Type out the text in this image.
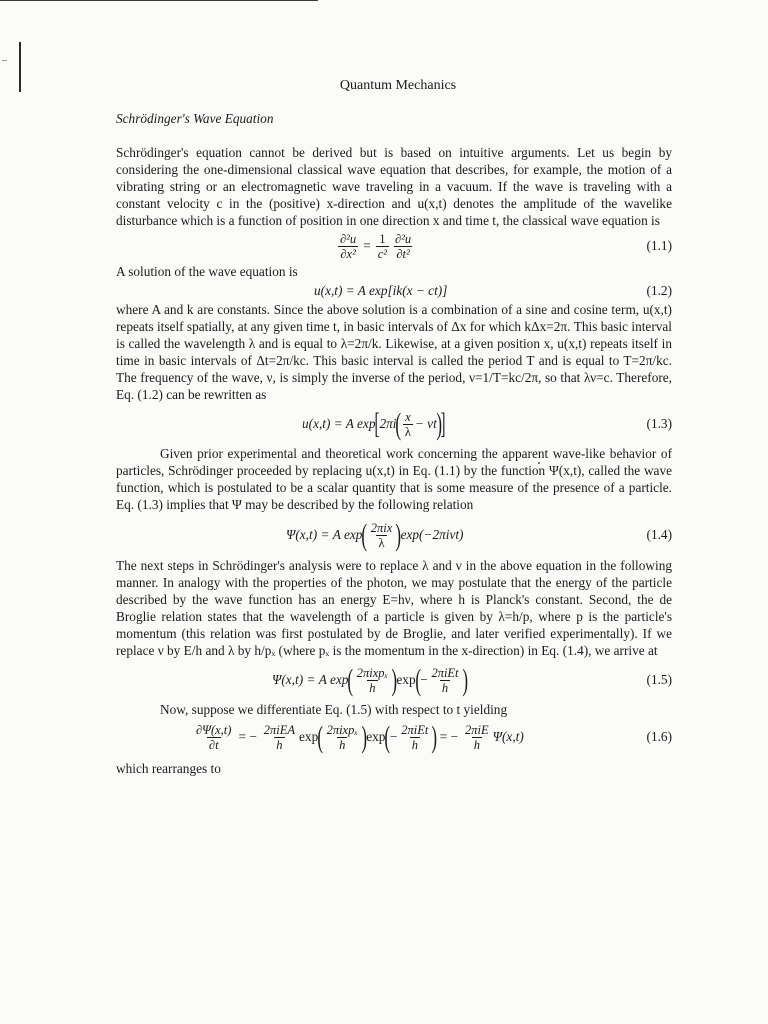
Quantum Mechanics
Schrödinger's Wave Equation

Schrödinger's equation cannot be derived but is based on intuitive arguments. Let us begin by considering the one-dimensional classical wave equation that describes, for example, the motion of a vibrating string or an electromagnetic wave traveling in a vacuum. If the wave is traveling with a constant velocity c in the (positive) x-direction and u(x,t) denotes the amplitude of the wavelike disturbance which is a function of position in one direction x and time t, the classical wave equation is

$\frac{\text{∂²u}}{\text{∂x²}} = \frac{1}{\text{c²}} \frac{\text{∂²u}}{\text{∂t²}}$	(1.1)

A solution of the wave equation is

u(x,t) = A exp[ik(x − ct)]	(1.2)

where A and k are constants. Since the above solution is a combination of a sine and cosine term, u(x,t) repeats itself spatially, at any given time t, in basic intervals of Δx for which kΔx=2π. This basic interval is called the wavelength λ and is equal to λ=2π/k. Likewise, at a given position x, u(x,t) repeats itself in time in basic intervals of Δt=2π/kc. This basic interval is called the period T and is equal to T=2π/kc. The frequency of the wave, ν, is simply the inverse of the period, ν=1/T=kc/2π, so that λν=c. Therefore, Eq. (1.2) can be rewritten as

u(x,t) = A exp [ 2πi ( $\frac{x}{\lambda} - \nu t$ )
]	(1.3)

Given prior experimental and theoretical work concerning the apparent wave-like behavior of particles, Schrödinger proceeded by replacing u(x,t) in Eq. (1.1) by the function Ψ(x,t), called the wave function, which is postulated to be a scalar quantity that is some measure of the presence of a particle. Eq. (1.3) implies that Ψ may be described by the following relation

Ψ(x,t) = A exp ( $\frac{\text{2πix}}{\lambda}$ ) exp(−2πiνt)	(1.4)

The next steps in Schrödinger's analysis were to replace λ and ν in the above equation in the following manner. In analogy with the properties of the photon, we may postulate that the energy of the particle described by the wave function has an energy E=hν, where h is Planck's constant. Second, the de Broglie relation states that the wavelength of a particle is given by λ=h/p, where p is the particle's momentum (this relation was first postulated by de Broglie, and later verified experimentally). If we replace ν by E/h and λ by h/pₓ (where pₓ is the momentum in the x-direction) in Eq. (1.4), we arrive at

Ψ(x,t) = A exp ( $\frac{\text{2πixpₓ}}{h}$ ) exp ( − $\frac{\text{2πiEt}}{h}$ )	(1.5)

Now, suppose we differentiate Eq. (1.5) with respect to t yielding

$\frac{\partial\Psi(x,t)}{\partial t}$ = − $\frac{\text{2πiEA}}{h}$ exp ( $\frac{\text{2πixpₓ}}{h}$ ) exp ( − $\frac{\text{2πiEt}}{h}$ ) = − $\frac{\text{2πiE}}{h} \Psi(x,t)$	(1.6)

which rearranges to
